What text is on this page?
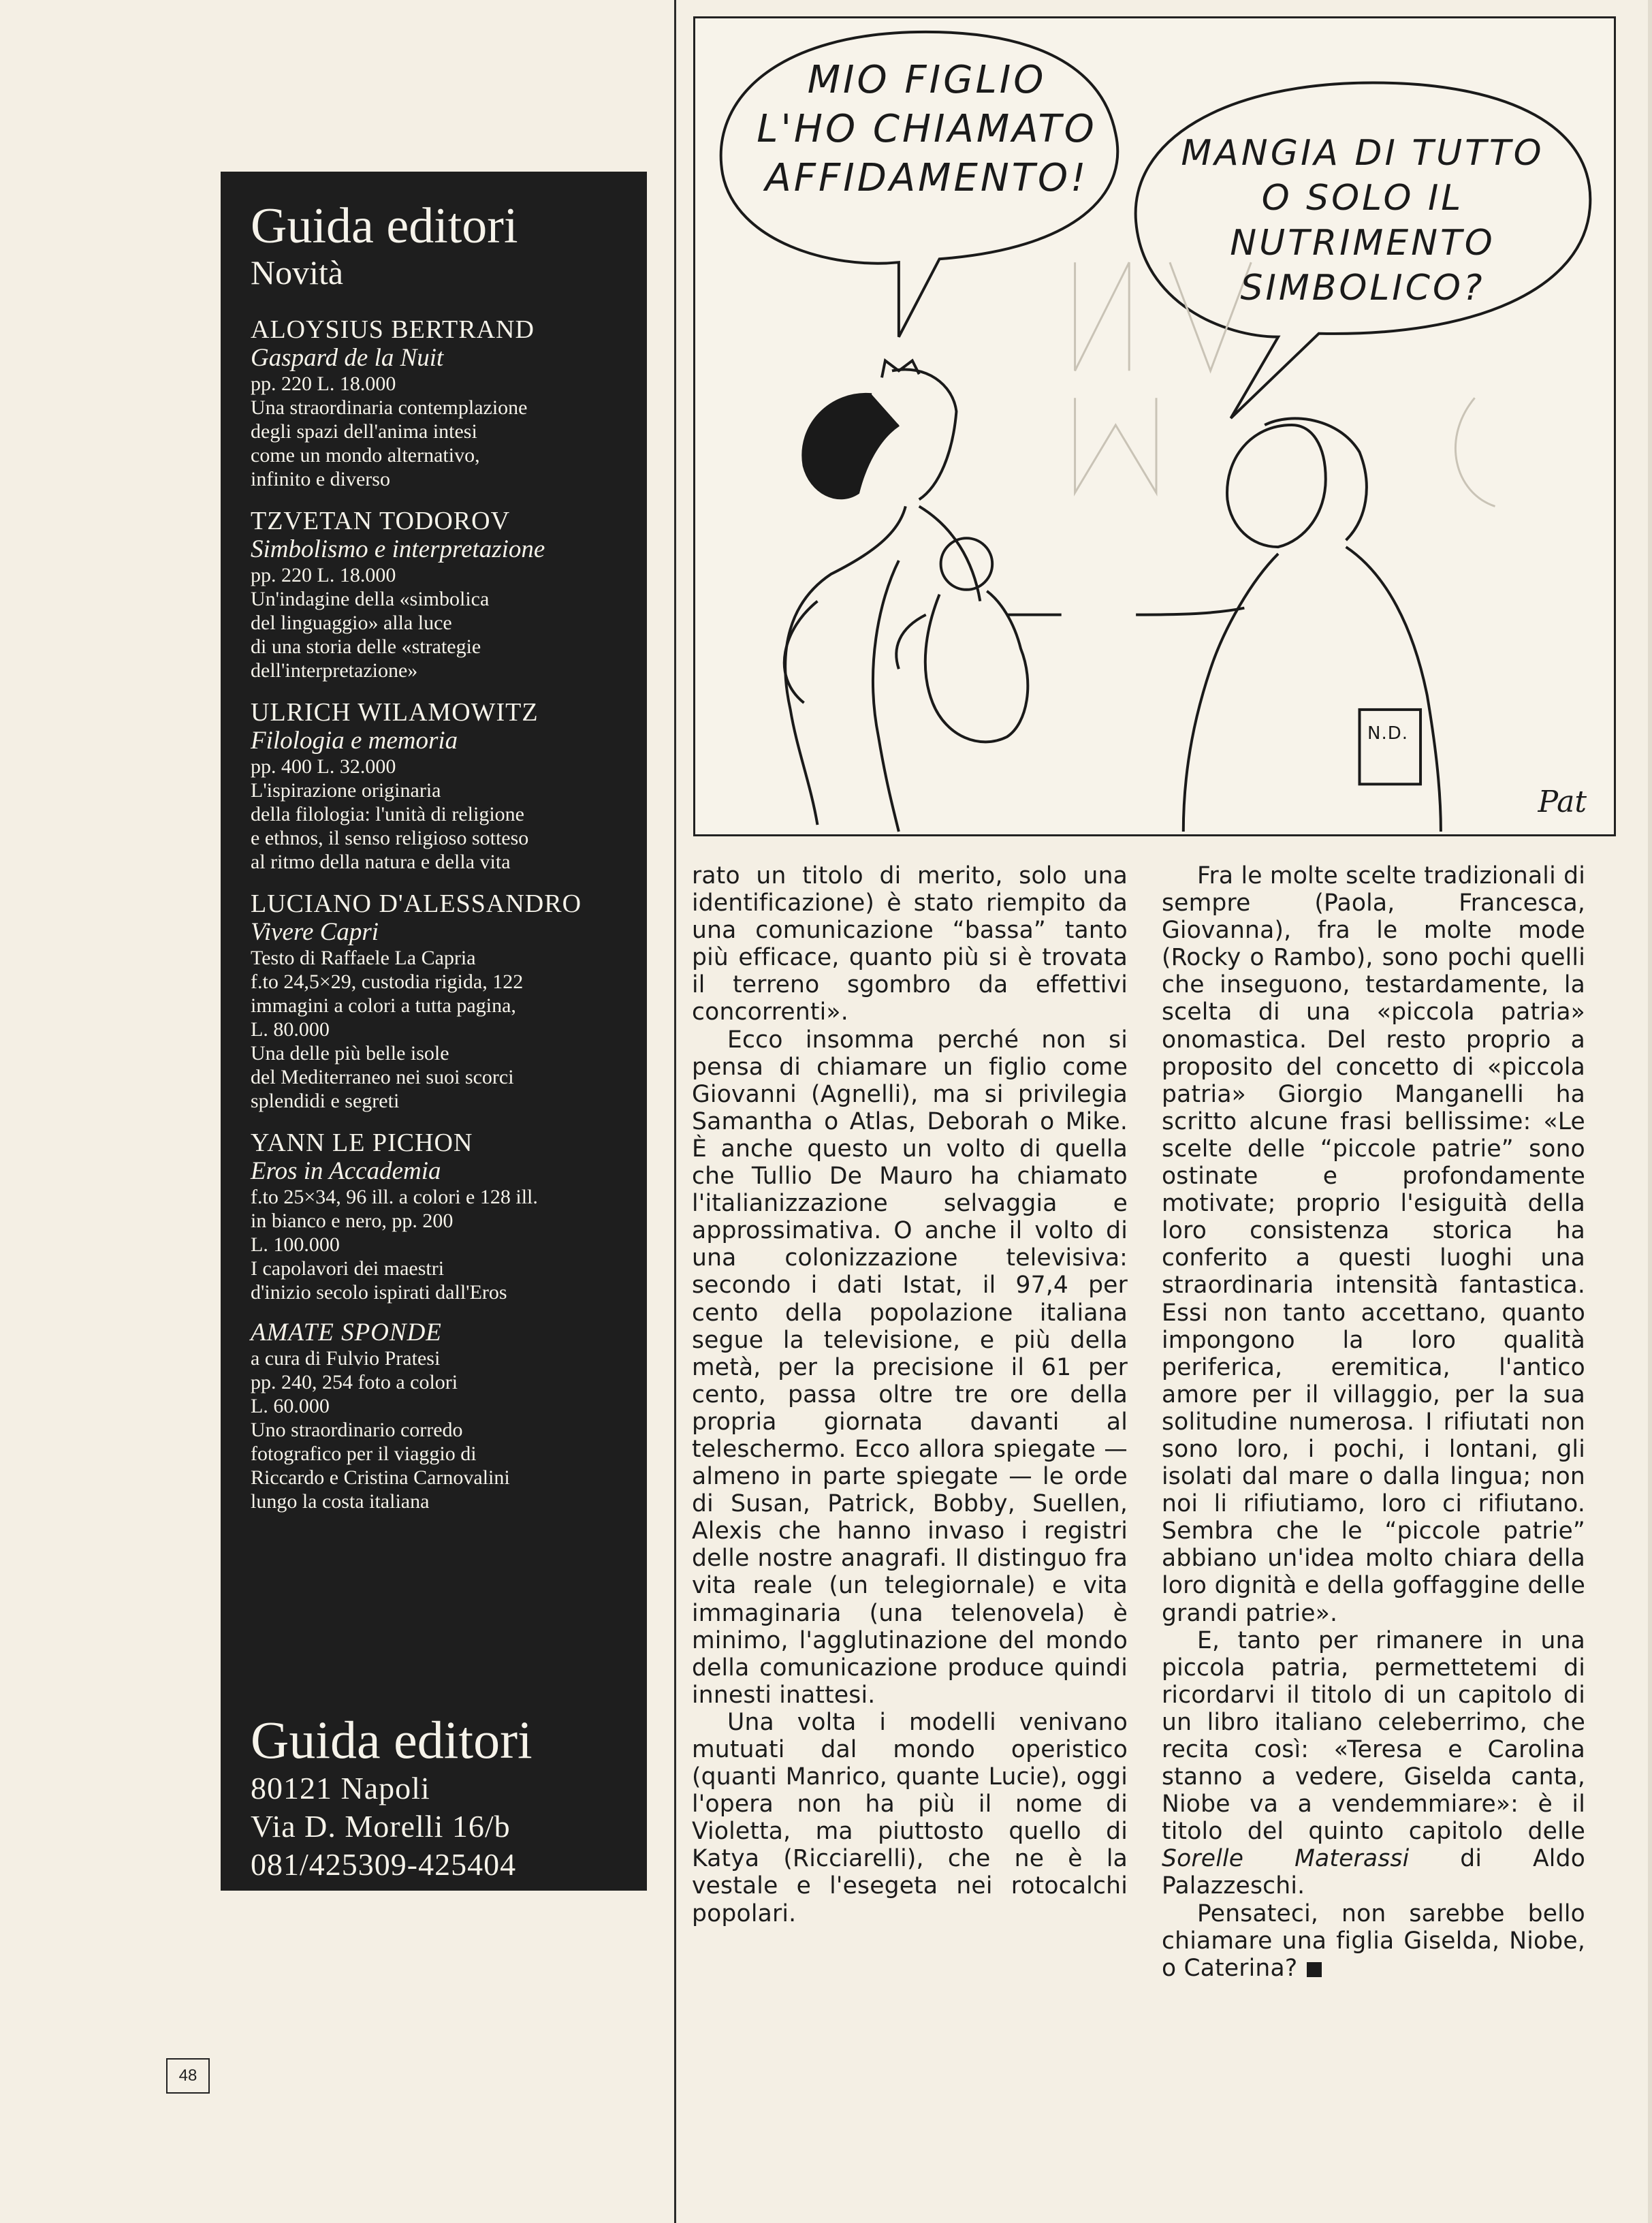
Guida editori
Novità
ALOYSIUS BERTRAND
Gaspard de la Nuit
pp. 220 L. 18.000
Una straordinaria contemplazione
degli spazi dell'anima intesi
come un mondo alternativo,
infinito e diverso
TZVETAN TODOROV
Simbolismo e interpretazione
pp. 220 L. 18.000
Un'indagine della «simbolica
del linguaggio» alla luce
di una storia delle «strategie
dell'interpretazione»
ULRICH WILAMOWITZ
Filologia e memoria
pp. 400 L. 32.000
L'ispirazione originaria
della filologia: l'unità di religione
e ethnos, il senso religioso sotteso
al ritmo della natura e della vita
LUCIANO D'ALESSANDRO
Vivere Capri
Testo di Raffaele La Capria
f.to 24,5×29, custodia rigida, 122
immagini a colori a tutta pagina,
L. 80.000
Una delle più belle isole
del Mediterraneo nei suoi scorci
splendidi e segreti
YANN LE PICHON
Eros in Accademia
f.to 25×34, 96 ill. a colori e 128 ill.
in bianco e nero, pp. 200
L. 100.000
I capolavori dei maestri
d'inizio secolo ispirati dall'Eros
AMATE SPONDE
a cura di Fulvio Pratesi
pp. 240, 254 foto a colori
L. 60.000
Uno straordinario corredo
fotografico per il viaggio di
Riccardo e Cristina Carnovalini
lungo la costa italiana
Guida editori
80121 Napoli
Via D. Morelli 16/b
081/425309-425404
48
MIO FIGLIO
L'HO CHIAMATO
AFFIDAMENTO!
MANGIA DI TUTTO
O SOLO IL
NUTRIMENTO
SIMBOLICO?
N.D.
Pat

rato un titolo di merito, solo una identificazione) è stato riempito da una comunicazione “bassa” tanto più efficace, quanto più si è trovata il terreno sgombro da effettivi concorrenti».

Ecco insomma perché non si pensa di chiamare un figlio come Giovanni (Agnelli), ma si privilegia Samantha o Atlas, Deborah o Mike. È anche questo un volto di quella che Tullio De Mauro ha chiamato l'italianizzazione selvaggia e approssimativa. O anche il volto di una colonizzazione televisiva: secondo i dati Istat, il 97,4 per cento della popolazione italiana segue la televisione, e più della metà, per la precisione il 61 per cento, passa oltre tre ore della propria giornata davanti al teleschermo. Ecco allora spiegate — almeno in parte spiegate — le orde di Susan, Patrick, Bobby, Suellen, Alexis che hanno invaso i registri delle nostre anagrafi. Il distinguo fra vita reale (un telegiornale) e vita immaginaria (una telenovela) è minimo, l'agglutinazione del mondo della comunicazione produce quindi innesti inattesi.

Una volta i modelli venivano mutuati dal mondo operistico (quanti Manrico, quante Lucie), oggi l'opera non ha più il nome di Violetta, ma piuttosto quello di Katya (Ricciarelli), che ne è la vestale e l'esegeta nei rotocalchi popolari.

Fra le molte scelte tradizionali di sempre (Paola, Francesca, Giovanna), fra le molte mode (Rocky o Rambo), sono pochi quelli che inseguono, testardamente, la scelta di una «piccola patria» onomastica. Del resto proprio a proposito del concetto di «piccola patria» Giorgio Manganelli ha scritto alcune frasi bellissime: «Le scelte delle “piccole patrie” sono ostinate e profondamente motivate; proprio l'esiguità della loro consistenza storica ha conferito a questi luoghi una straordinaria intensità fantastica. Essi non tanto accettano, quanto impongono la loro qualità periferica, eremitica, l'antico amore per il villaggio, per la sua solitudine numerosa. I rifiutati non sono loro, i pochi, i lontani, gli isolati dal mare o dalla lingua; non noi li rifiutiamo, loro ci rifiutano. Sembra che le “piccole patrie” abbiano un'idea molto chiara della loro dignità e della goffaggine delle grandi patrie».

E, tanto per rimanere in una piccola patria, permettetemi di ricordarvi il titolo di un capitolo di un libro italiano celeberrimo, che recita così: «Teresa e Carolina stanno a vedere, Giselda canta, Niobe va a vendemmiare»: è il titolo del quinto capitolo delle Sorelle Materassi di Aldo Palazzeschi.

Pensateci, non sarebbe bello chiamare una figlia Giselda, Niobe, o Caterina?
